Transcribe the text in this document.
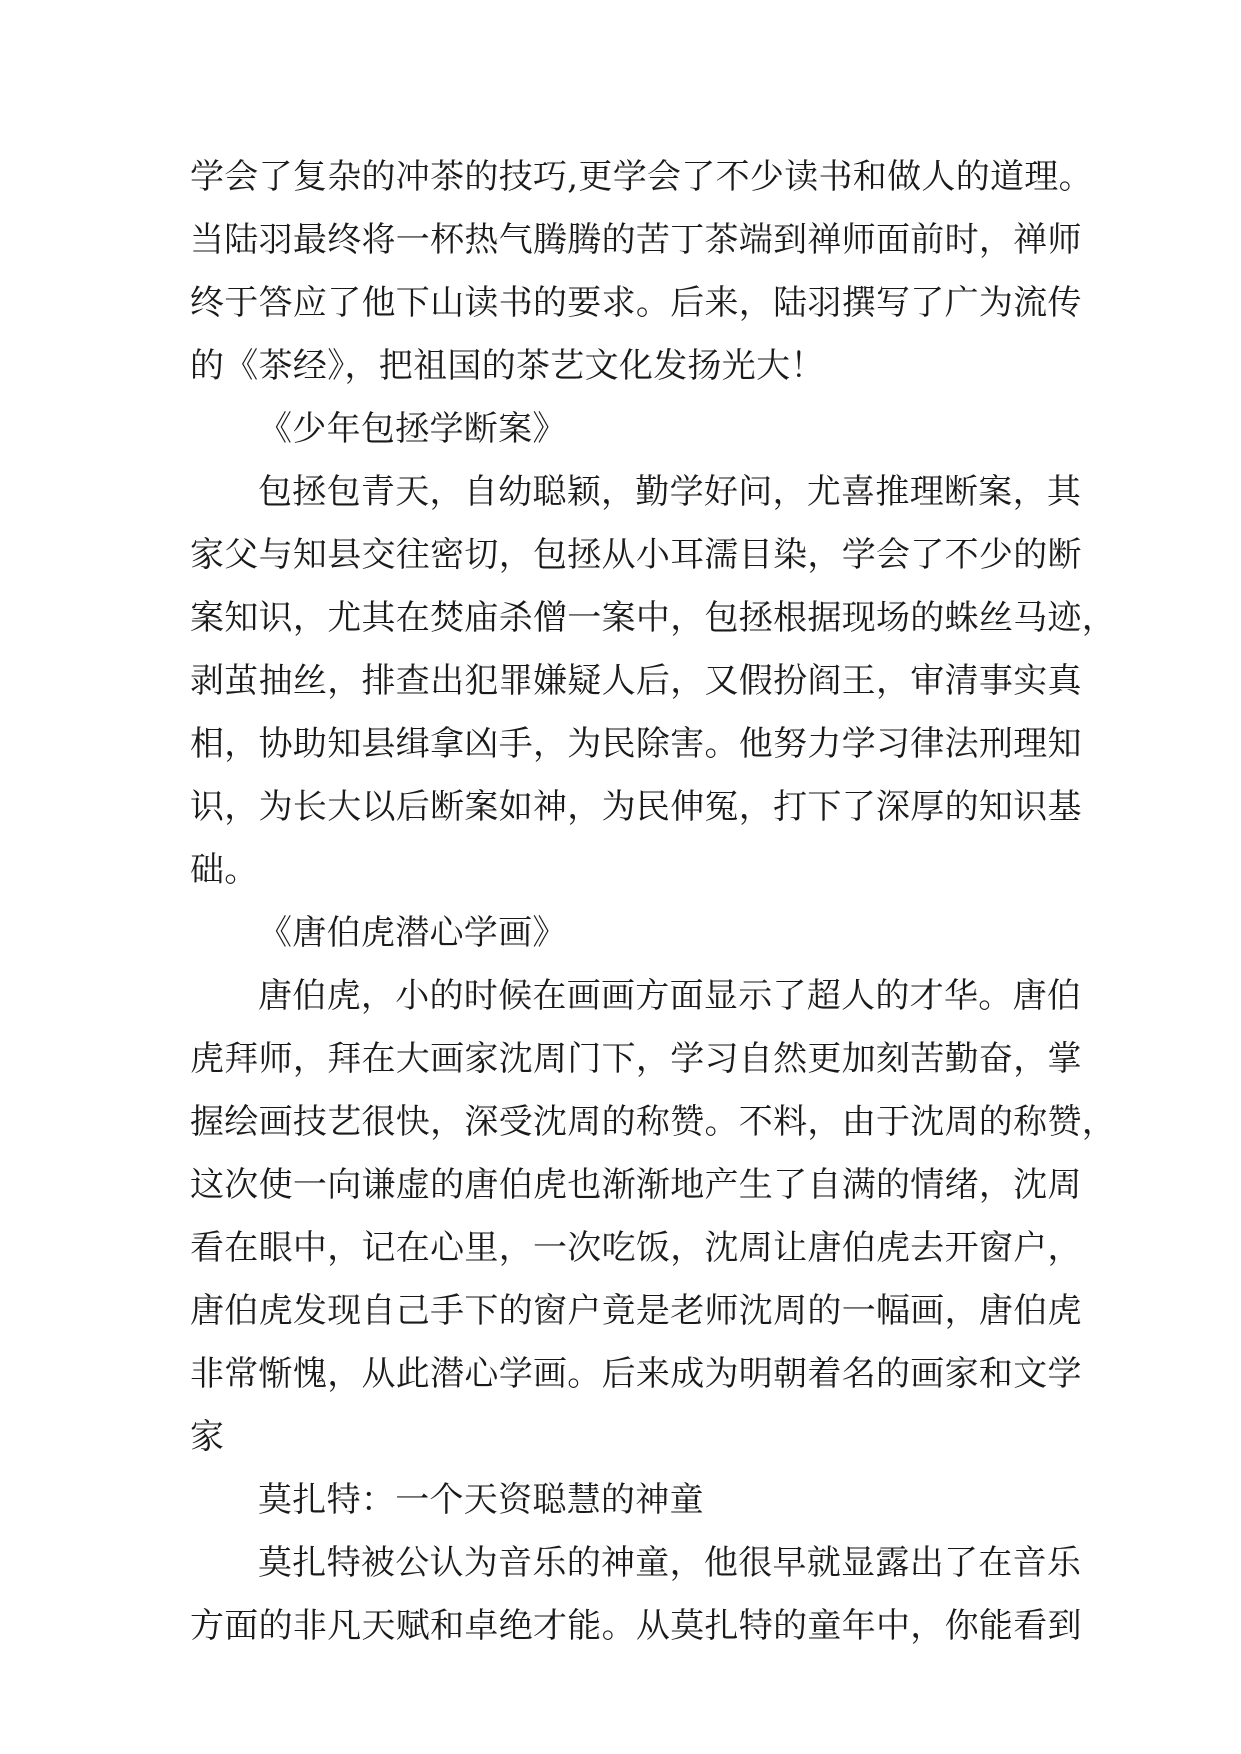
学会了复杂的冲茶的技巧,更学会了不少读书和做人的道理。
当陆羽最终将一杯热气腾腾的苦丁茶端到禅师面前时，禅师
终于答应了他下山读书的要求。后来，陆羽撰写了广为流传
的《茶经》，把祖国的茶艺文化发扬光大！
《少年包拯学断案》
包拯包青天，自幼聪颖，勤学好问，尤喜推理断案，其
家父与知县交往密切，包拯从小耳濡目染，学会了不少的断
案知识，尤其在焚庙杀僧一案中，包拯根据现场的蛛丝马迹，
剥茧抽丝，排查出犯罪嫌疑人后，又假扮阎王，审清事实真
相，协助知县缉拿凶手，为民除害。他努力学习律法刑理知
识，为长大以后断案如神，为民伸冤，打下了深厚的知识基
础。
《唐伯虎潜心学画》
唐伯虎，小的时候在画画方面显示了超人的才华。唐伯
虎拜师，拜在大画家沈周门下，学习自然更加刻苦勤奋，掌
握绘画技艺很快，深受沈周的称赞。不料，由于沈周的称赞，
这次使一向谦虚的唐伯虎也渐渐地产生了自满的情绪，沈周
看在眼中，记在心里，一次吃饭，沈周让唐伯虎去开窗户，
唐伯虎发现自己手下的窗户竟是老师沈周的一幅画，唐伯虎
非常惭愧，从此潜心学画。后来成为明朝着名的画家和文学
家
莫扎特：一个天资聪慧的神童
莫扎特被公认为音乐的神童，他很早就显露出了在音乐
方面的非凡天赋和卓绝才能。从莫扎特的童年中，你能看到
